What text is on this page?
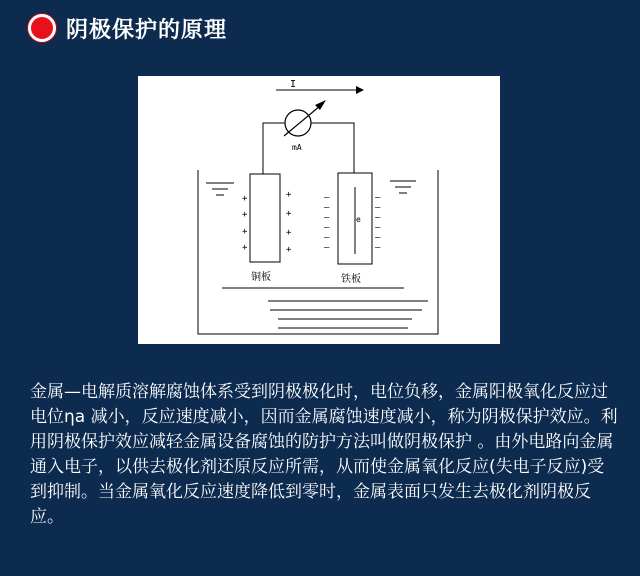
阴极保护的原理
I
mA
+
+
+
+
+
+
+
+
铜板
e
—
—
—
—
—
—
—
—
—
—
—
—
铁板

金属—电解质溶解腐蚀体系受到阴极极化时，电位负移，金属阳极氧化反应过电位ηa 减小，反应速度减小，因而金属腐蚀速度减小，称为阴极保护效应。利用阴极保护效应减轻金属设备腐蚀的防护方法叫做阴极保护 。由外电路向金属通入电子，以供去极化剂还原反应所需，从而使金属氧化反应(失电子反应)受到抑制。当金属氧化反应速度降低到零时，金属表面只发生去极化剂阴极反应。
